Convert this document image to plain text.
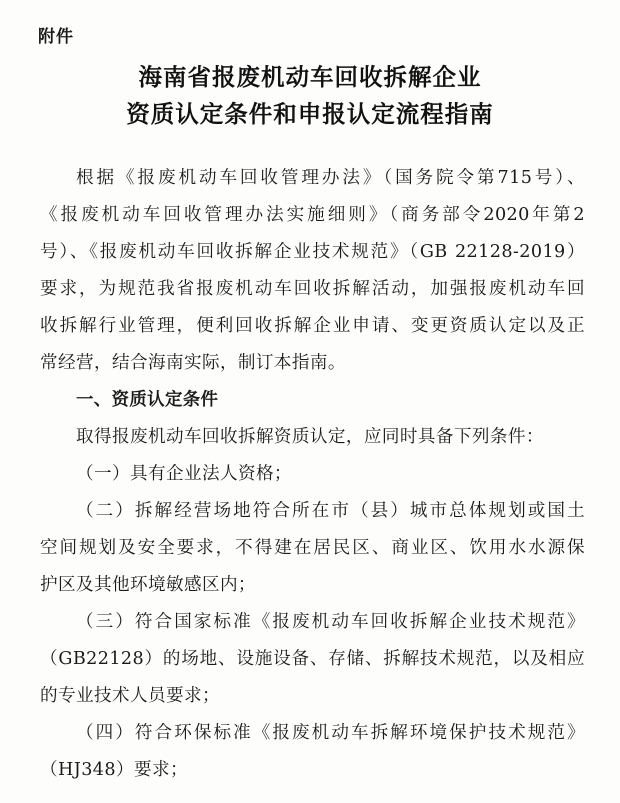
附件
海南省报废机动车回收拆解企业
资质认定条件和申报认定流程指南
根据《报废机动车回收管理办法》（国务院令第715号）、
《报废机动车回收管理办法实施细则》（商务部令2020年第2
号）、《报废机动车回收拆解企业技术规范》（GB 22128-2019）
要求，为规范我省报废机动车回收拆解活动，加强报废机动车回
收拆解行业管理，便利回收拆解企业申请、变更资质认定以及正
常经营，结合海南实际，制订本指南。
一、资质认定条件
取得报废机动车回收拆解资质认定，应同时具备下列条件：
（一）具有企业法人资格；
（二）拆解经营场地符合所在市（县）城市总体规划或国土
空间规划及安全要求，不得建在居民区、商业区、饮用水水源保
护区及其他环境敏感区内；
（三）符合国家标准《报废机动车回收拆解企业技术规范》
（GB22128）的场地、设施设备、存储、拆解技术规范，以及相应
的专业技术人员要求；
（四）符合环保标准《报废机动车拆解环境保护技术规范》
（HJ348）要求；
